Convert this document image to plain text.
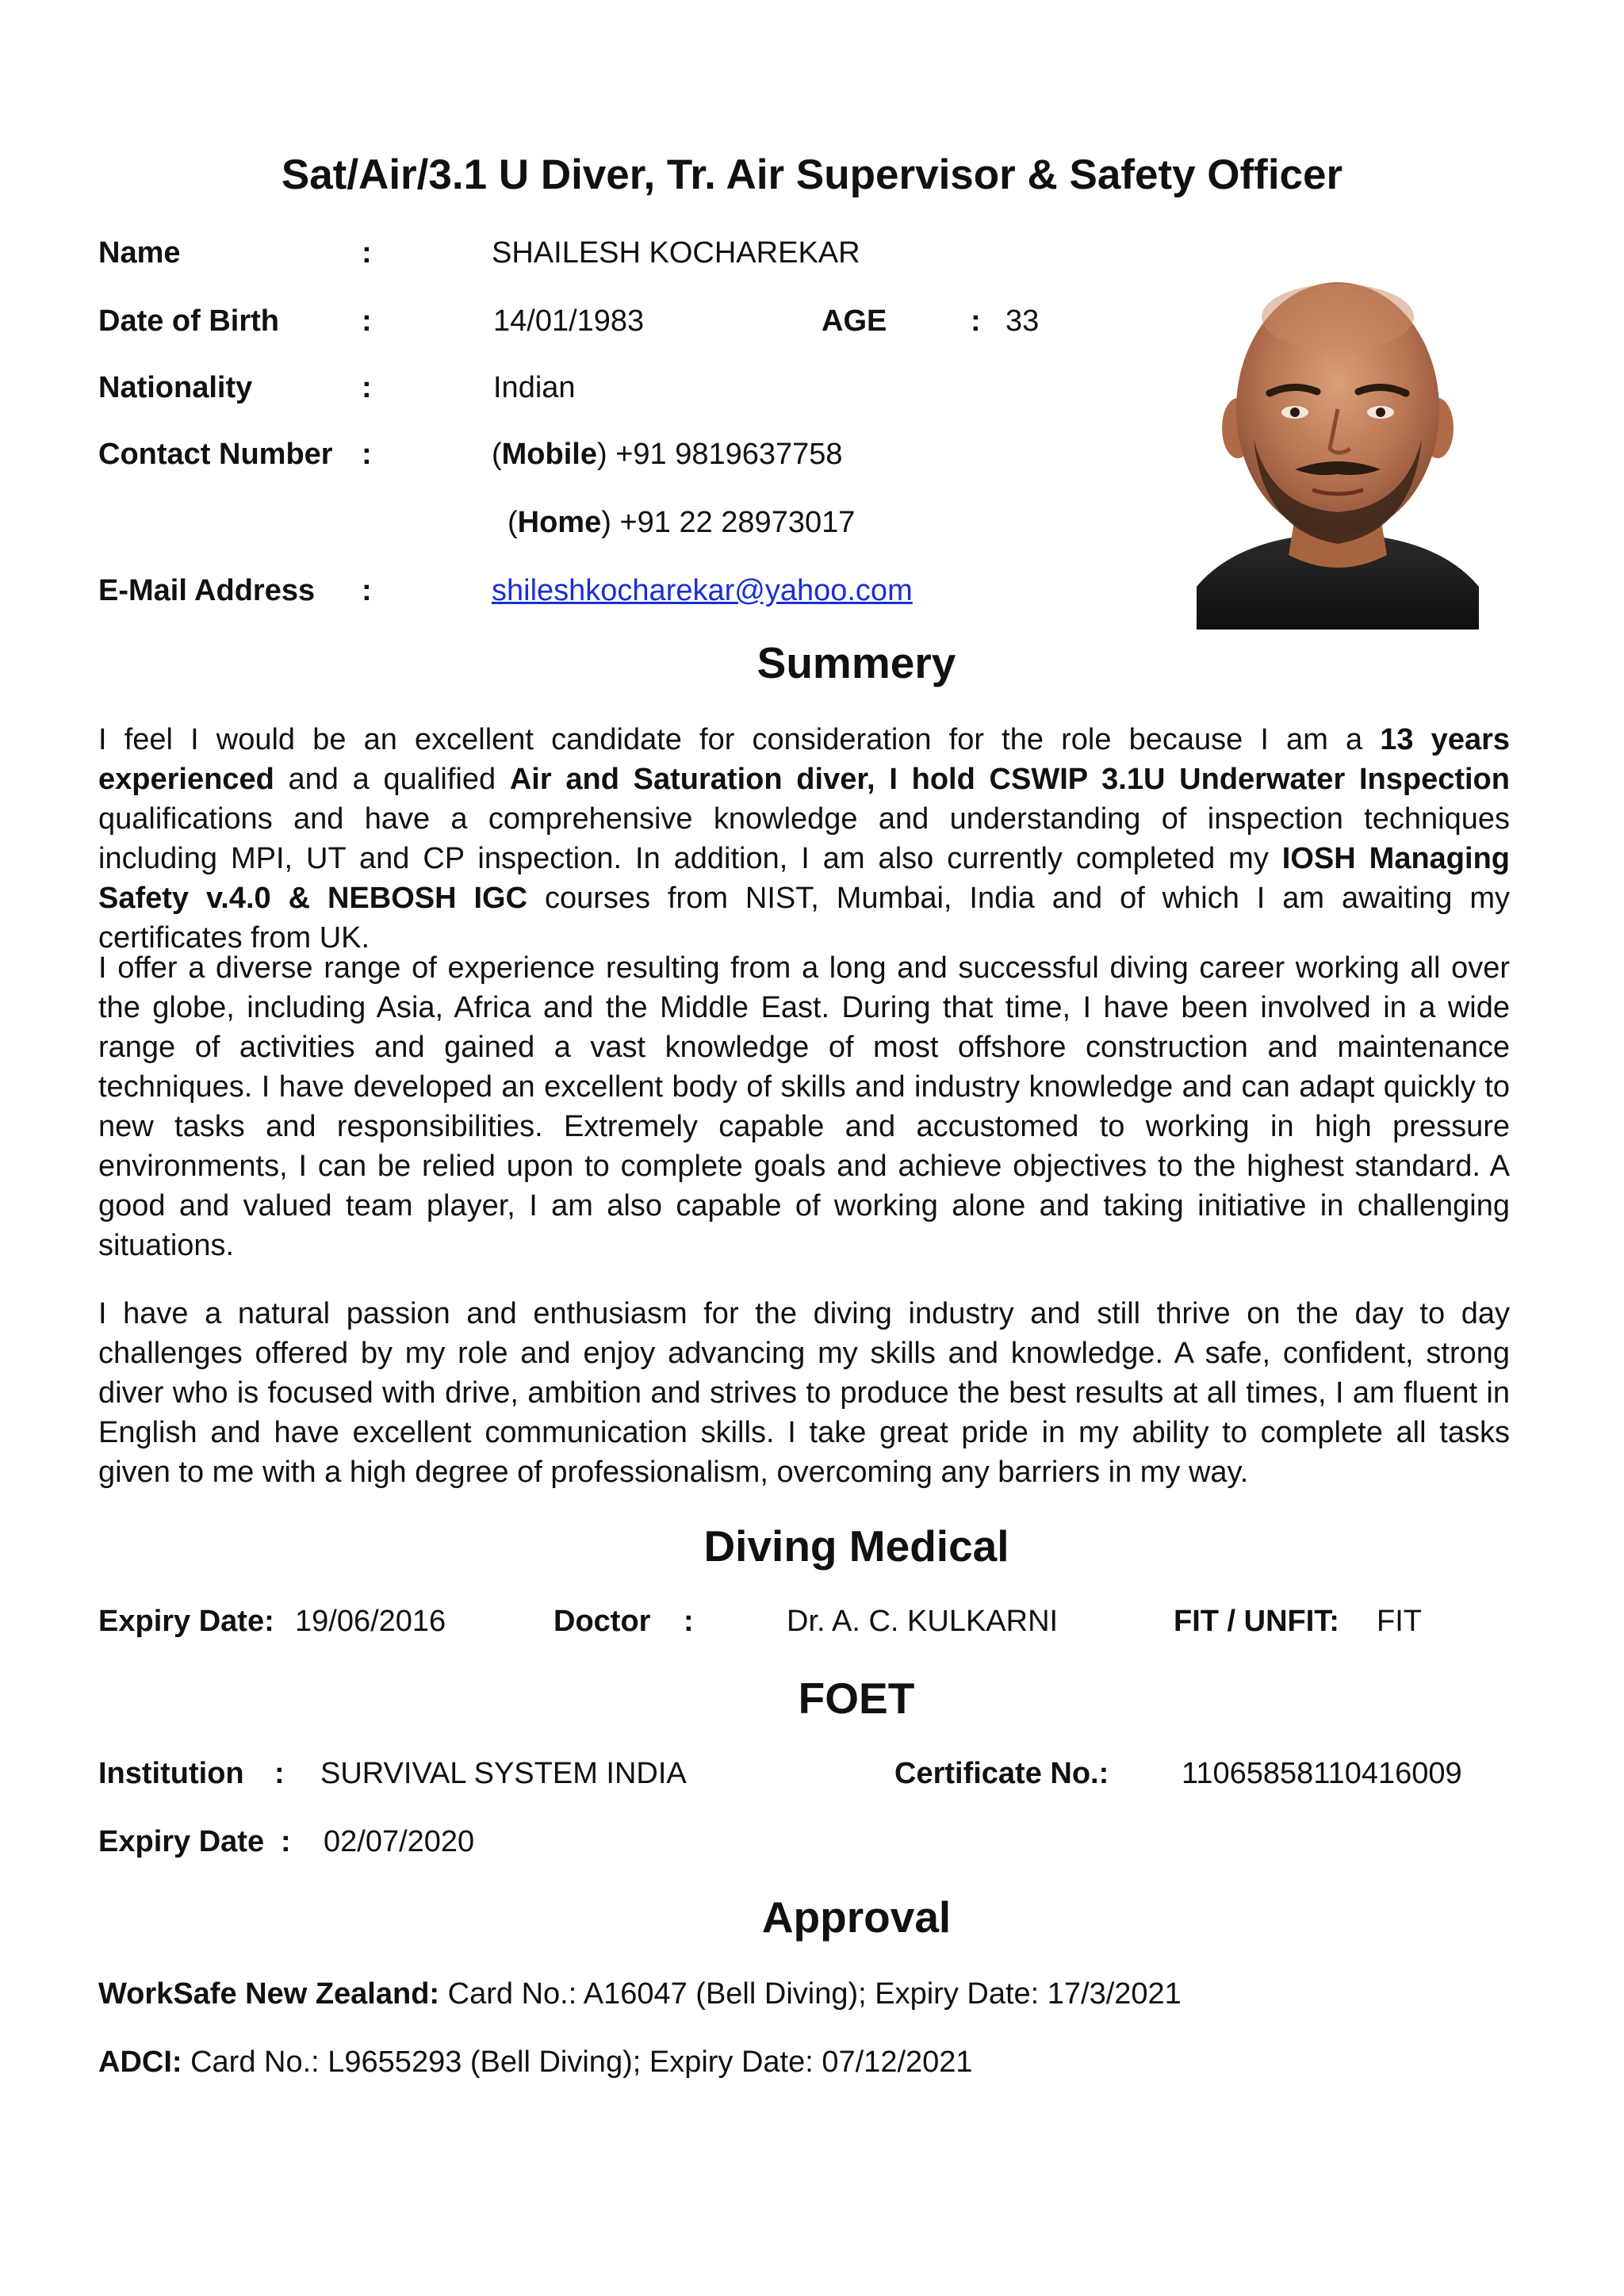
Sat/Air/3.1 U Diver, Tr. Air Supervisor & Safety Officer
Name	:	SHAILESH KOCHAREKAR
Date of Birth	:	14/01/1983	AGE	: 33
Nationality	:	Indian
Contact Number :	(Mobile) +91 9819637758
(Home) +91 22 28973017
E-Mail Address :	shileshkocharekar@yahoo.com
Summery
I feel I would be an excellent candidate for consideration for the role because I am a 13 years experienced and a qualified Air and Saturation diver, I hold CSWIP 3.1U Underwater Inspection qualifications and have a comprehensive knowledge and understanding of inspection techniques including MPI, UT and CP inspection. In addition, I am also currently completed my IOSH Managing Safety v.4.0 & NEBOSH IGC courses from NIST, Mumbai, India and of which I am awaiting my certificates from UK.
I offer a diverse range of experience resulting from a long and successful diving career working all over the globe, including Asia, Africa and the Middle East. During that time, I have been involved in a wide range of activities and gained a vast knowledge of most offshore construction and maintenance techniques. I have developed an excellent body of skills and industry knowledge and can adapt quickly to new tasks and responsibilities. Extremely capable and accustomed to working in high pressure environments, I can be relied upon to complete goals and achieve objectives to the highest standard. A good and valued team player, I am also capable of working alone and taking initiative in challenging situations.
I have a natural passion and enthusiasm for the diving industry and still thrive on the day to day challenges offered by my role and enjoy advancing my skills and knowledge. A safe, confident, strong diver who is focused with drive, ambition and strives to produce the best results at all times, I am fluent in English and have excellent communication skills. I take great pride in my ability to complete all tasks given to me with a high degree of professionalism, overcoming any barriers in my way.
Diving Medical
Expiry Date: 19/06/2016	Doctor :	Dr. A. C. KULKARNI	FIT / UNFIT: FIT
FOET
Institution : SURVIVAL SYSTEM INDIA	Certificate No.: 11065858110416009
Expiry Date : 02/07/2020
Approval
WorkSafe New Zealand: Card No.: A16047 (Bell Diving); Expiry Date: 17/3/2021
ADCI: Card No.: L9655293 (Bell Diving); Expiry Date: 07/12/2021
